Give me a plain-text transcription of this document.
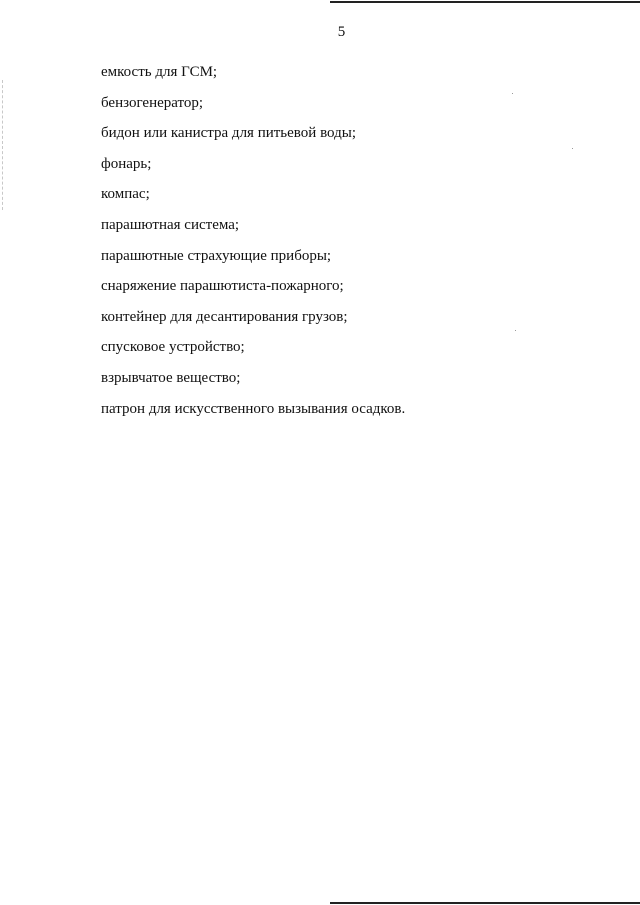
5
емкость для ГСМ;
бензогенератор;
бидон или канистра для питьевой воды;
фонарь;
компас;
парашютная система;
парашютные страхующие приборы;
снаряжение парашютиста-пожарного;
контейнер для десантирования грузов;
спусковое устройство;
взрывчатое вещество;
патрон для искусственного вызывания осадков.
